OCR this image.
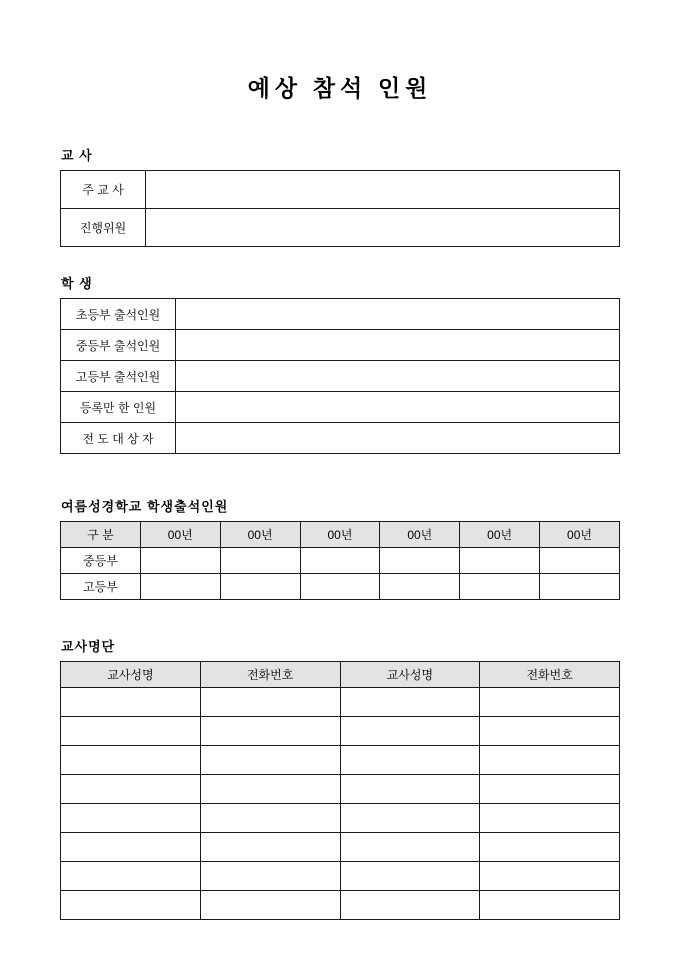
예상 참석 인원
교 사
주 교 사	
진행위원	
학 생
초등부 출석인원	
중등부 출석인원	
고등부 출석인원	
등록만 한 인원	
전 도 대 상 자	
여름성경학교 학생출석인원
구 분	00년	00년	00년	00년	00년	00년
중등부						
고등부						
교사명단
교사성명	전화번호	교사성명	전화번호
